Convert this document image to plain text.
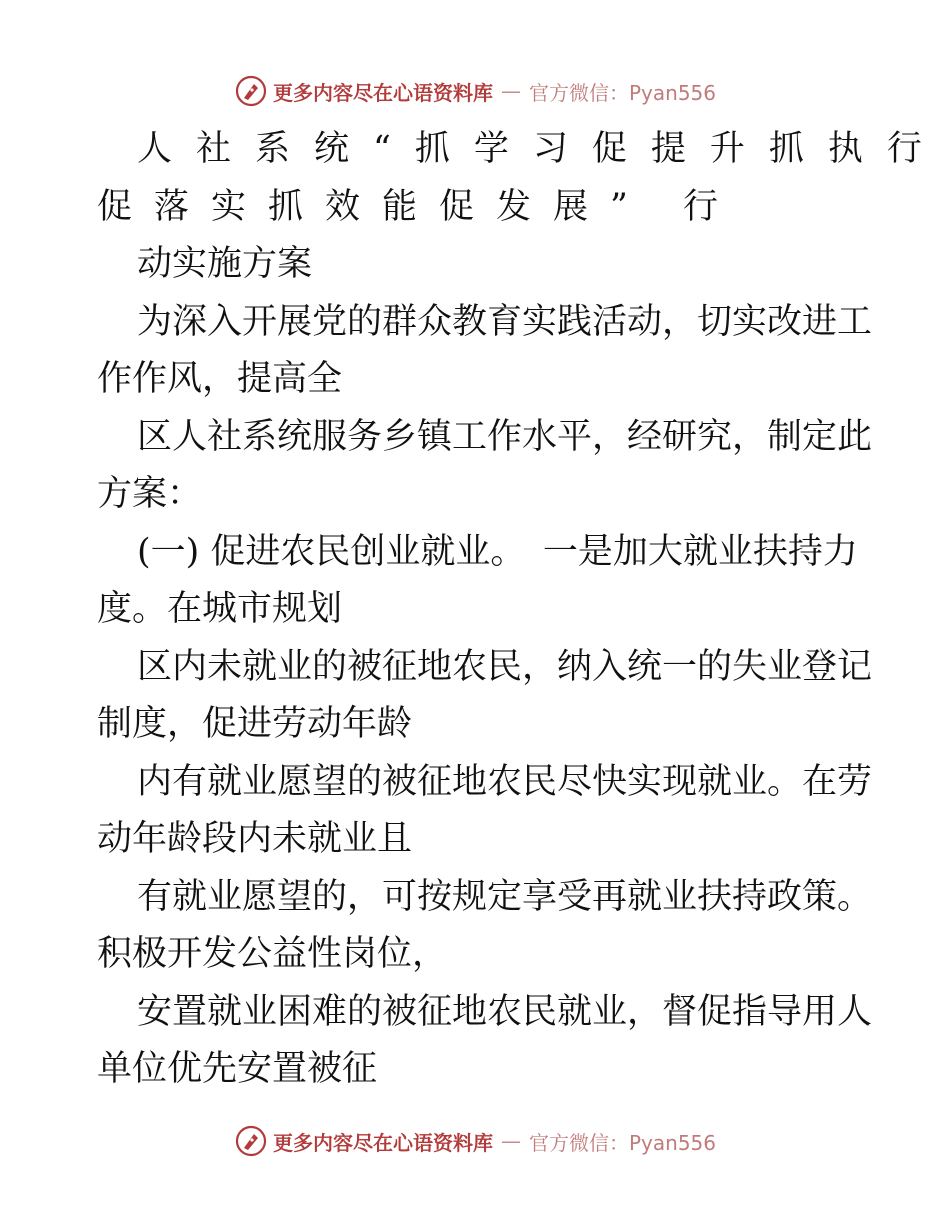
更多内容尽在心语资料库 — 官方微信：Pyan556
人社系统“抓学习促提升抓执行
促落实抓效能促发展” 行
动实施方案
为深入开展党的群众教育实践活动，切实改进工
作作风，提高全
区人社系统服务乡镇工作水平，经研究，制定此
方案：
(一) 促进农民创业就业。　一是加大就业扶持力
度。在城市规划
区内未就业的被征地农民，纳入统一的失业登记
制度，促进劳动年龄
内有就业愿望的被征地农民尽快实现就业。在劳
动年龄段内未就业且
有就业愿望的，可按规定享受再就业扶持政策。
积极开发公益性岗位，
安置就业困难的被征地农民就业，督促指导用人
单位优先安置被征
更多内容尽在心语资料库 — 官方微信：Pyan556
